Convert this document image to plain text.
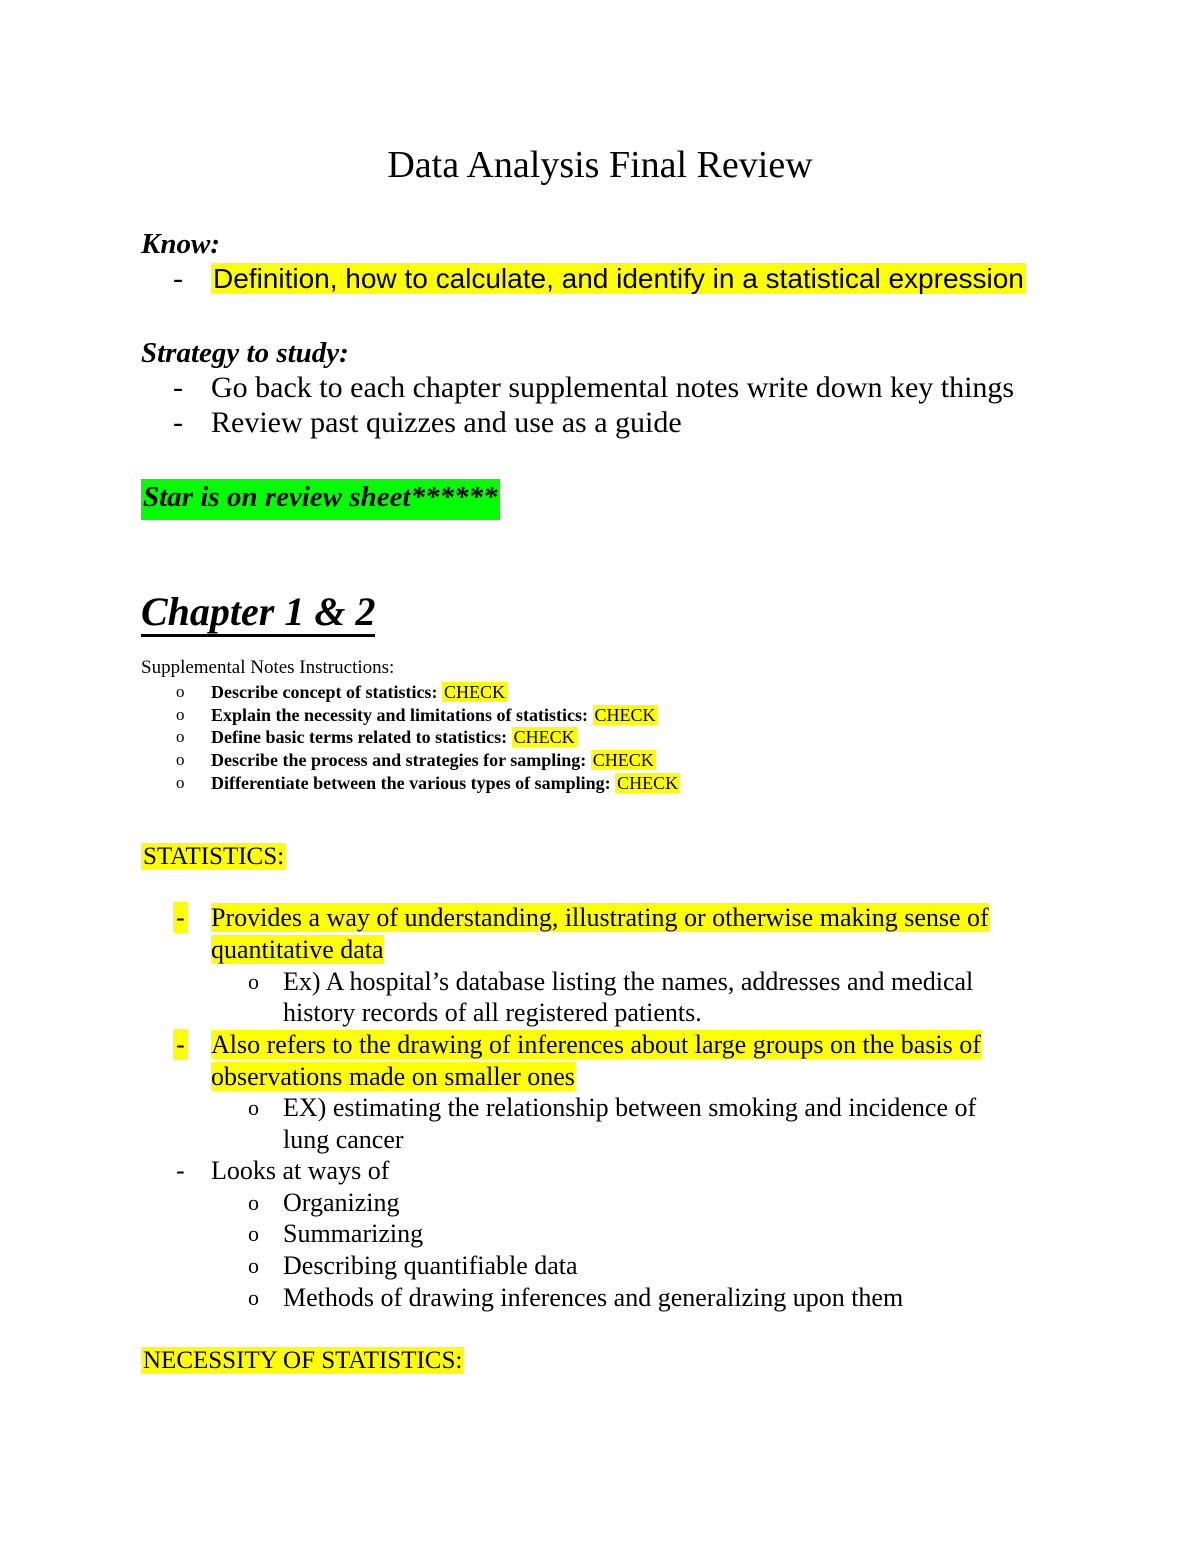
Data Analysis Final Review
Know:
- Definition, how to calculate, and identify in a statistical expression
Strategy to study:
- Go back to each chapter supplemental notes write down key things
- Review past quizzes and use as a guide
Star is on review sheet******
Chapter 1 & 2
Supplemental Notes Instructions:
o Describe concept of statistics: CHECK
o Explain the necessity and limitations of statistics: CHECK
o Define basic terms related to statistics: CHECK
o Describe the process and strategies for sampling: CHECK
o Differentiate between the various types of sampling: CHECK
STATISTICS:
- Provides a way of understanding, illustrating or otherwise making sense of
quantitative data
o Ex) A hospital’s database listing the names, addresses and medical
history records of all registered patients.
- Also refers to the drawing of inferences about large groups on the basis of
observations made on smaller ones
o EX) estimating the relationship between smoking and incidence of
lung cancer
- Looks at ways of
o Organizing
o Summarizing
o Describing quantifiable data
o Methods of drawing inferences and generalizing upon them
NECESSITY OF STATISTICS:
